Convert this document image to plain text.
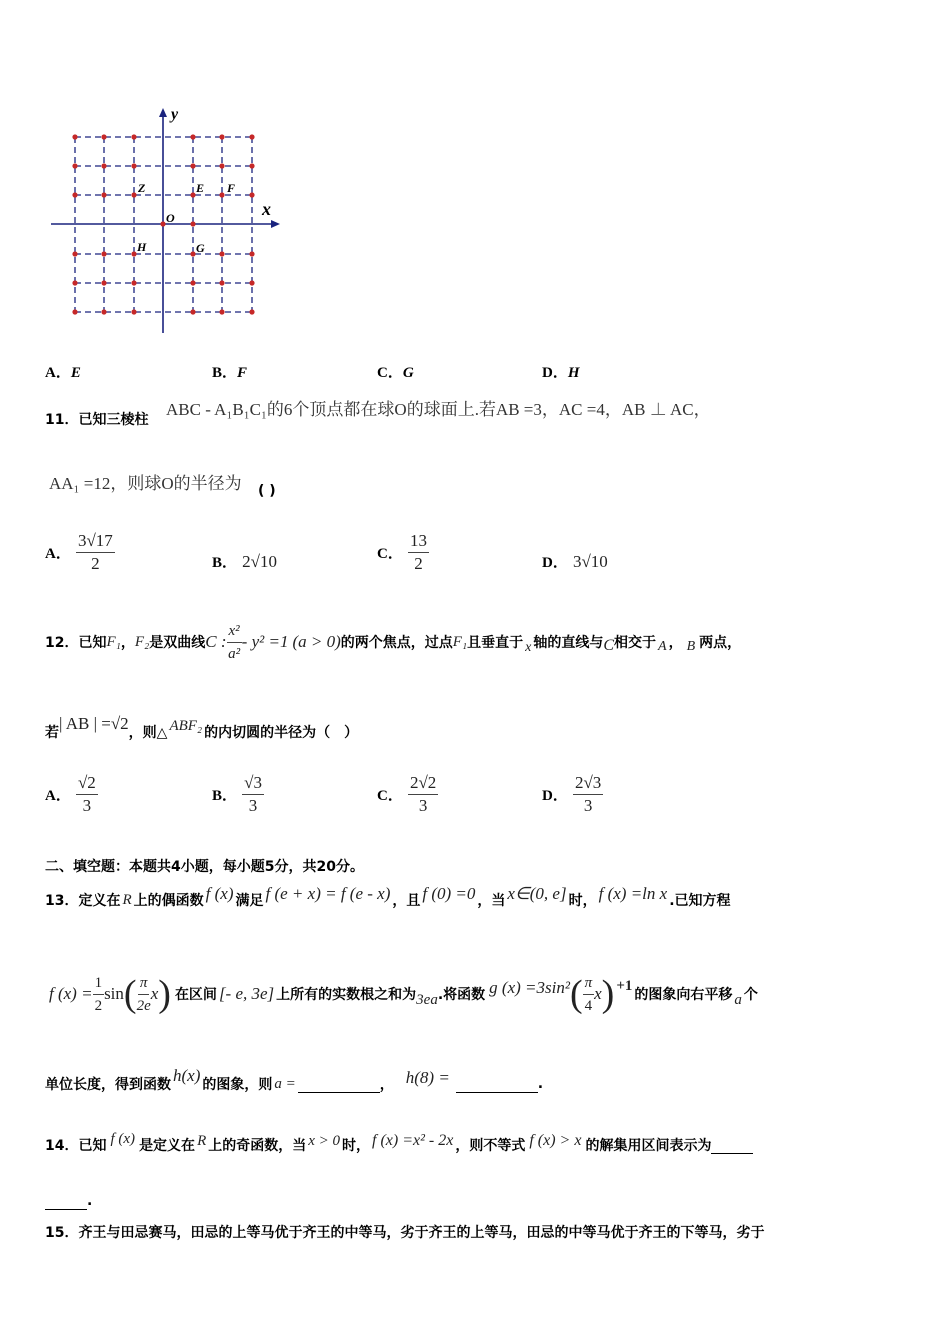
y
x
O
Z	E F
H	G
A．E	B．F	C．G	D．H
11．已知三棱柱
ABC - A₁B₁C₁的6个顶点都在球O的球面上.若AB =3，AC =4，AB ⊥ AC，
AA₁ =12，则球O的半径为 ( )
A． $\frac{3√17}{2}$	B． 2√10	C． $\frac{13}{2}$	D． 3√10
12． 已知 F₁ ， F₂ 是双曲线 C : $\frac{\text{x²}}{\text{a²}} - y^2 =1$ (a > 0) 的两个焦点，过点 F₁ 且垂直于 x 轴的直线与 C 相交于 A ， B 两点，
若 | AB | =√2 ，则△ ABF₂ 的内切圆的半径为（　）
A． $\frac{√2}{3}$	B． $\frac{√3}{3}$	C． $\frac{2√2}{3}$	D． $\frac{2√3}{3}$
二、填空题：本题共4小题，每小题5分，共20分。
13． 定义在 R 上的偶函数 f (x) 满足 f (e + x) = f (e - x) ，且 f (0) =0 ，当 x∈(0, e] 时， f (x) =ln x .已知方程
f $(x) = \frac{1}{2}$ sin ( $\frac{\pi}{2e}$ x ) 在区间 [- e, 3e] 上所有的实数根之和为 3ea .将函数 g (x) =3sin² ( $\frac{\pi}{4}$ x ) +1
的图象向右平移 a 个
单位长度，得到函数 h(x) 的图象，则 a =	， h(8) =	.
14． 已知 f (x) 是定义在 R 上的奇函数，当 x > 0 时， f (x) =x² - 2x ，则不等式 f (x) > x 的解集用区间表示为
.
15．齐王与田忌赛马，田忌的上等马优于齐王的中等马，劣于齐王的上等马，田忌的中等马优于齐王的下等马，劣于
